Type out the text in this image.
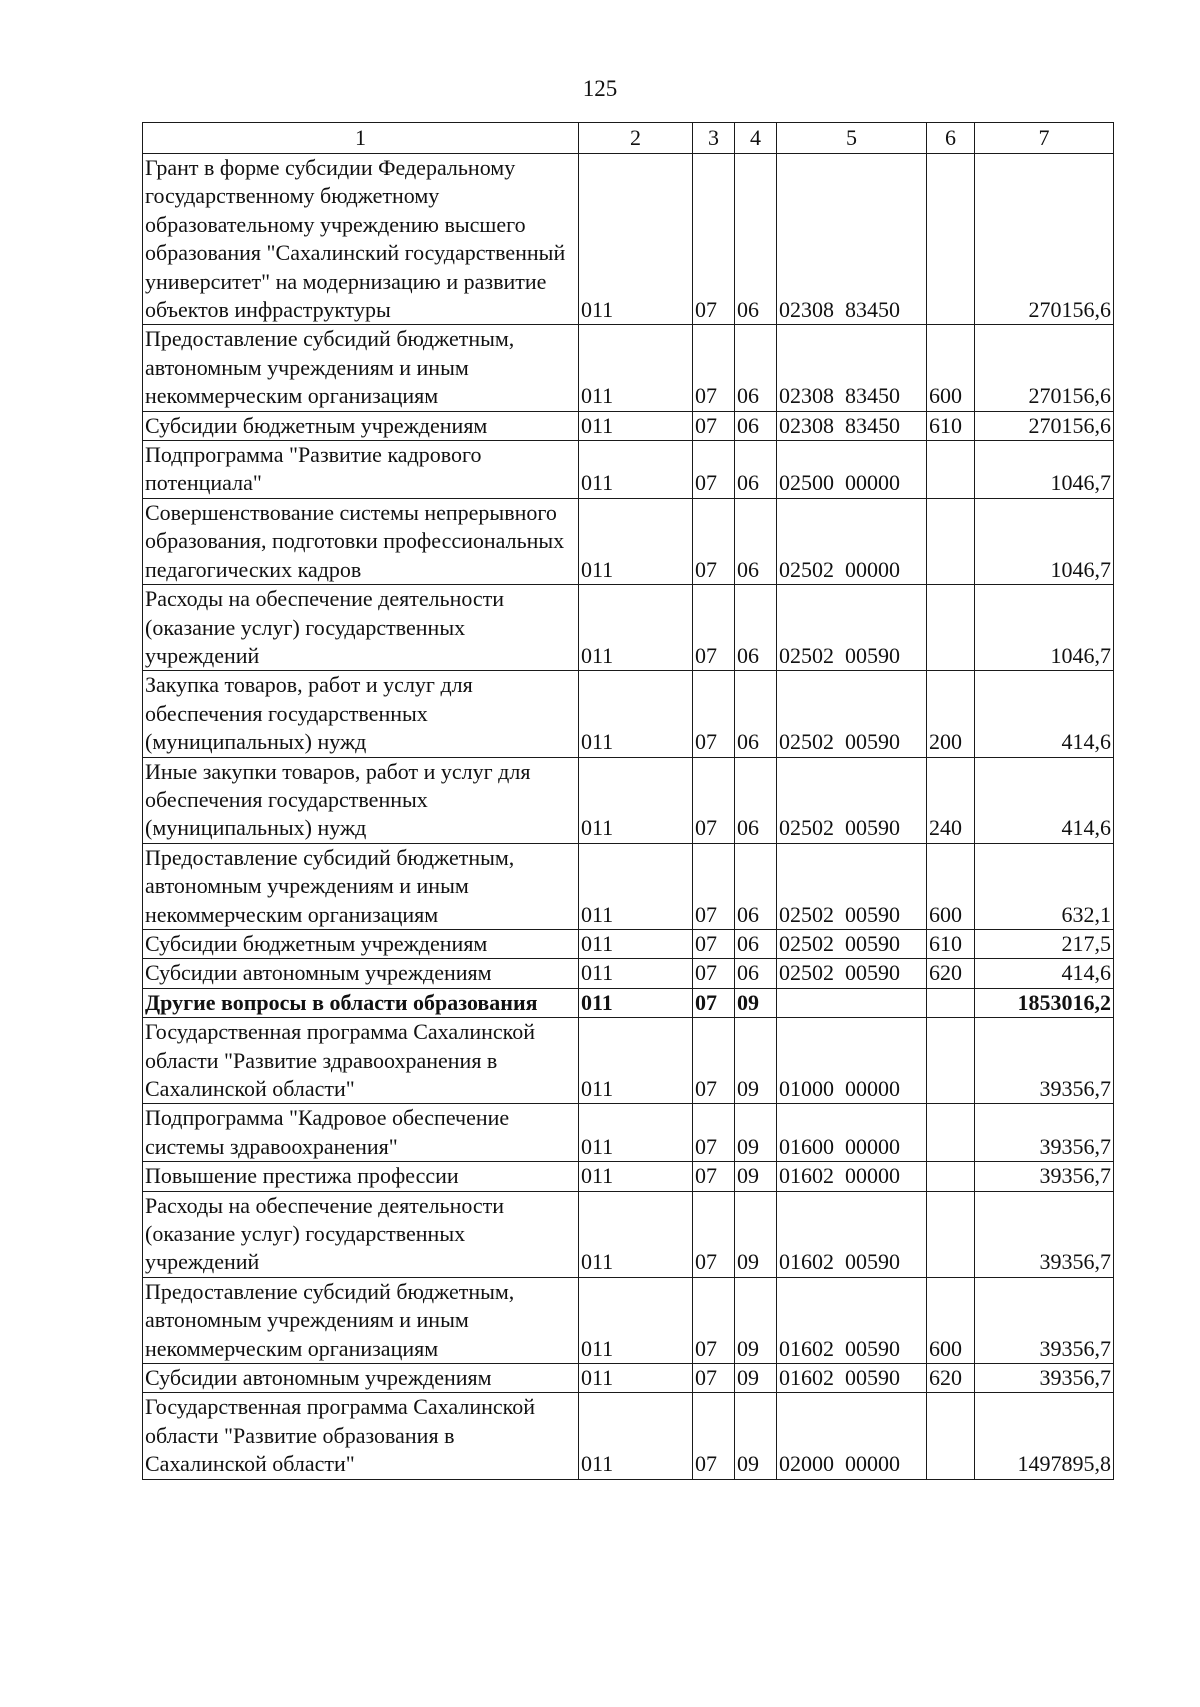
125
1	2	3	4	5	6	7
Грант в форме субсидии Федеральному государственному бюджетному образовательному учреждению высшего образования "Сахалинский государственный университет" на модернизацию и развитие объектов инфраструктуры	011	07	06	02308  83450		270156,6
Предоставление субсидий бюджетным, автономным учреждениям и иным некоммерческим организациям	011	07	06	02308  83450	600	270156,6
Субсидии бюджетным учреждениям	011	07	06	02308  83450	610	270156,6
Подпрограмма "Развитие кадрового потенциала"	011	07	06	02500  00000		1046,7
Совершенствование системы непрерывного образования, подготовки профессиональных педагогических кадров	011	07	06	02502  00000		1046,7
Расходы на обеспечение деятельности (оказание услуг) государственных учреждений	011	07	06	02502  00590		1046,7
Закупка товаров, работ и услуг для обеспечения государственных (муниципальных) нужд	011	07	06	02502  00590	200	414,6
Иные закупки товаров, работ и услуг для обеспечения государственных (муниципальных) нужд	011	07	06	02502  00590	240	414,6
Предоставление субсидий бюджетным, автономным учреждениям и иным некоммерческим организациям	011	07	06	02502  00590	600	632,1
Субсидии бюджетным учреждениям	011	07	06	02502  00590	610	217,5
Субсидии автономным учреждениям	011	07	06	02502  00590	620	414,6
Другие вопросы в области образования	011	07	09			1853016,2
Государственная программа Сахалинской области "Развитие здравоохранения в Сахалинской области"	011	07	09	01000  00000		39356,7
Подпрограмма "Кадровое обеспечение системы здравоохранения"	011	07	09	01600  00000		39356,7
Повышение престижа профессии	011	07	09	01602  00000		39356,7
Расходы на обеспечение деятельности (оказание услуг) государственных учреждений	011	07	09	01602  00590		39356,7
Предоставление субсидий бюджетным, автономным учреждениям и иным некоммерческим организациям	011	07	09	01602  00590	600	39356,7
Субсидии автономным учреждениям	011	07	09	01602  00590	620	39356,7
Государственная программа Сахалинской области "Развитие образования в Сахалинской области"	011	07	09	02000  00000		1497895,8
